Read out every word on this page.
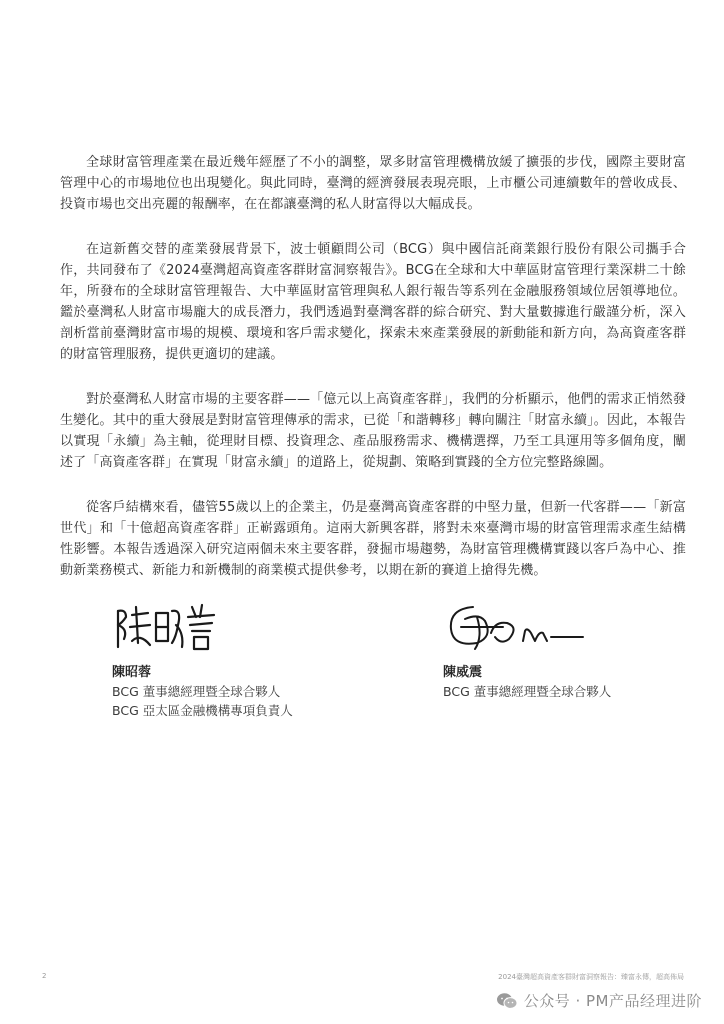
全球財富管理產業在最近幾年經歷了不小的調整，眾多財富管理機構放緩了擴張的步伐，國際主要財富管理中心的市場地位也出現變化。與此同時，臺灣的經濟發展表現亮眼，上市櫃公司連續數年的營收成長、投資市場也交出亮麗的報酬率，在在都讓臺灣的私人財富得以大幅成長。

在這新舊交替的產業發展背景下，波士頓顧問公司（BCG）與中國信託商業銀行股份有限公司攜手合作，共同發布了《2024臺灣超高資產客群財富洞察報告》。BCG在全球和大中華區財富管理行業深耕二十餘年，所發布的全球財富管理報告、大中華區財富管理與私人銀行報告等系列在金融服務領域位居領導地位。鑑於臺灣私人財富市場龐大的成長潛力，我們透過對臺灣客群的綜合研究、對大量數據進行嚴謹分析，深入剖析當前臺灣財富市場的規模、環境和客戶需求變化，探索未來產業發展的新動能和新方向，為高資產客群的財富管理服務，提供更適切的建議。

對於臺灣私人財富市場的主要客群——「億元以上高資產客群」，我們的分析顯示，他們的需求正悄然發生變化。其中的重大發展是對財富管理傳承的需求，已從「和諧轉移」轉向關注「財富永續」。因此，本報告以實現「永續」為主軸，從理財目標、投資理念、產品服務需求、機構選擇，乃至工具運用等多個角度，闡述了「高資產客群」在實現「財富永續」的道路上，從規劃、策略到實踐的全方位完整路線圖。

從客戶結構來看，儘管55歲以上的企業主，仍是臺灣高資產客群的中堅力量，但新一代客群——「新富世代」和「十億超高資產客群」正嶄露頭角。這兩大新興客群，將對未來臺灣市場的財富管理需求產生結構性影響。本報告透過深入研究這兩個未來主要客群，發掘市場趨勢，為財富管理機構實踐以客戶為中心、推動新業務模式、新能力和新機制的商業模式提供參考，以期在新的賽道上搶得先機。

陳昭蓉
BCG 董事總經理暨全球合夥人
BCG 亞太區金融機構專項負責人
陳威震
BCG 董事總經理暨全球合夥人
2	2024臺灣超高資產客群財富洞察報告：臻富永傳，超高佈局
公众号 · PM产品经理进阶
